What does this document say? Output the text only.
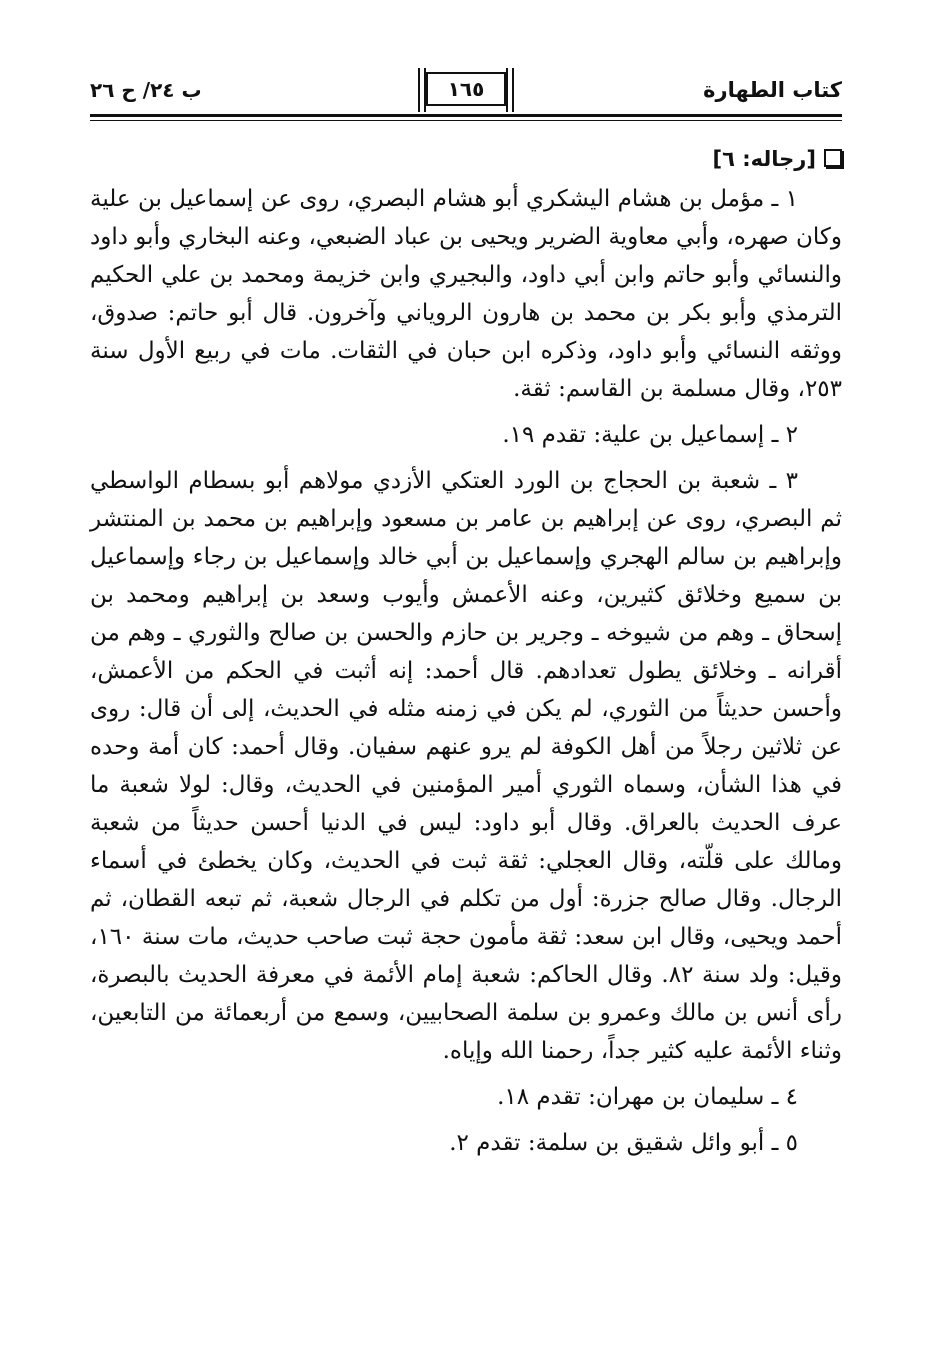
كتاب الطهارة
١٦٥
ب ٢٤/ ح ٢٦
[رجاله: ٦]

١ ـ مؤمل بن هشام اليشكري أبو هشام البصري، روى عن إسماعيل بن علية وكان صهره، وأبي معاوية الضرير ويحيى بن عباد الضبعي، وعنه البخاري وأبو داود والنسائي وأبو حاتم وابن أبي داود، والبجيري وابن خزيمة ومحمد بن علي الحكيم الترمذي وأبو بكر بن محمد بن هارون الروياني وآخرون. قال أبو حاتم: صدوق، ووثقه النسائي وأبو داود، وذكره ابن حبان في الثقات. مات في ربيع الأول سنة ٢٥٣، وقال مسلمة بن القاسم: ثقة.

٢ ـ إسماعيل بن علية: تقدم ١٩.

٣ ـ شعبة بن الحجاج بن الورد العتكي الأزدي مولاهم أبو بسطام الواسطي ثم البصري، روى عن إبراهيم بن عامر بن مسعود وإبراهيم بن محمد بن المنتشر وإبراهيم بن سالم الهجري وإسماعيل بن أبي خالد وإسماعيل بن رجاء وإسماعيل بن سميع وخلائق كثيرين، وعنه الأعمش وأيوب وسعد بن إبراهيم ومحمد بن إسحاق ـ وهم من شيوخه ـ وجرير بن حازم والحسن بن صالح والثوري ـ وهم من أقرانه ـ وخلائق يطول تعدادهم. قال أحمد: إنه أثبت في الحكم من الأعمش، وأحسن حديثاً من الثوري، لم يكن في زمنه مثله في الحديث، إلى أن قال: روى عن ثلاثين رجلاً من أهل الكوفة لم يرو عنهم سفيان. وقال أحمد: كان أمة وحده في هذا الشأن، وسماه الثوري أمير المؤمنين في الحديث، وقال: لولا شعبة ما عرف الحديث بالعراق. وقال أبو داود: ليس في الدنيا أحسن حديثاً من شعبة ومالك على قلّته، وقال العجلي: ثقة ثبت في الحديث، وكان يخطئ في أسماء الرجال. وقال صالح جزرة: أول من تكلم في الرجال شعبة، ثم تبعه القطان، ثم أحمد ويحيى، وقال ابن سعد: ثقة مأمون حجة ثبت صاحب حديث، مات سنة ١٦٠، وقيل: ولد سنة ٨٢. وقال الحاكم: شعبة إمام الأئمة في معرفة الحديث بالبصرة، رأى أنس بن مالك وعمرو بن سلمة الصحابيين، وسمع من أربعمائة من التابعين، وثناء الأئمة عليه كثير جداً، رحمنا الله وإياه.

٤ ـ سليمان بن مهران: تقدم ١٨.

٥ ـ أبو وائل شقيق بن سلمة: تقدم ٢.
